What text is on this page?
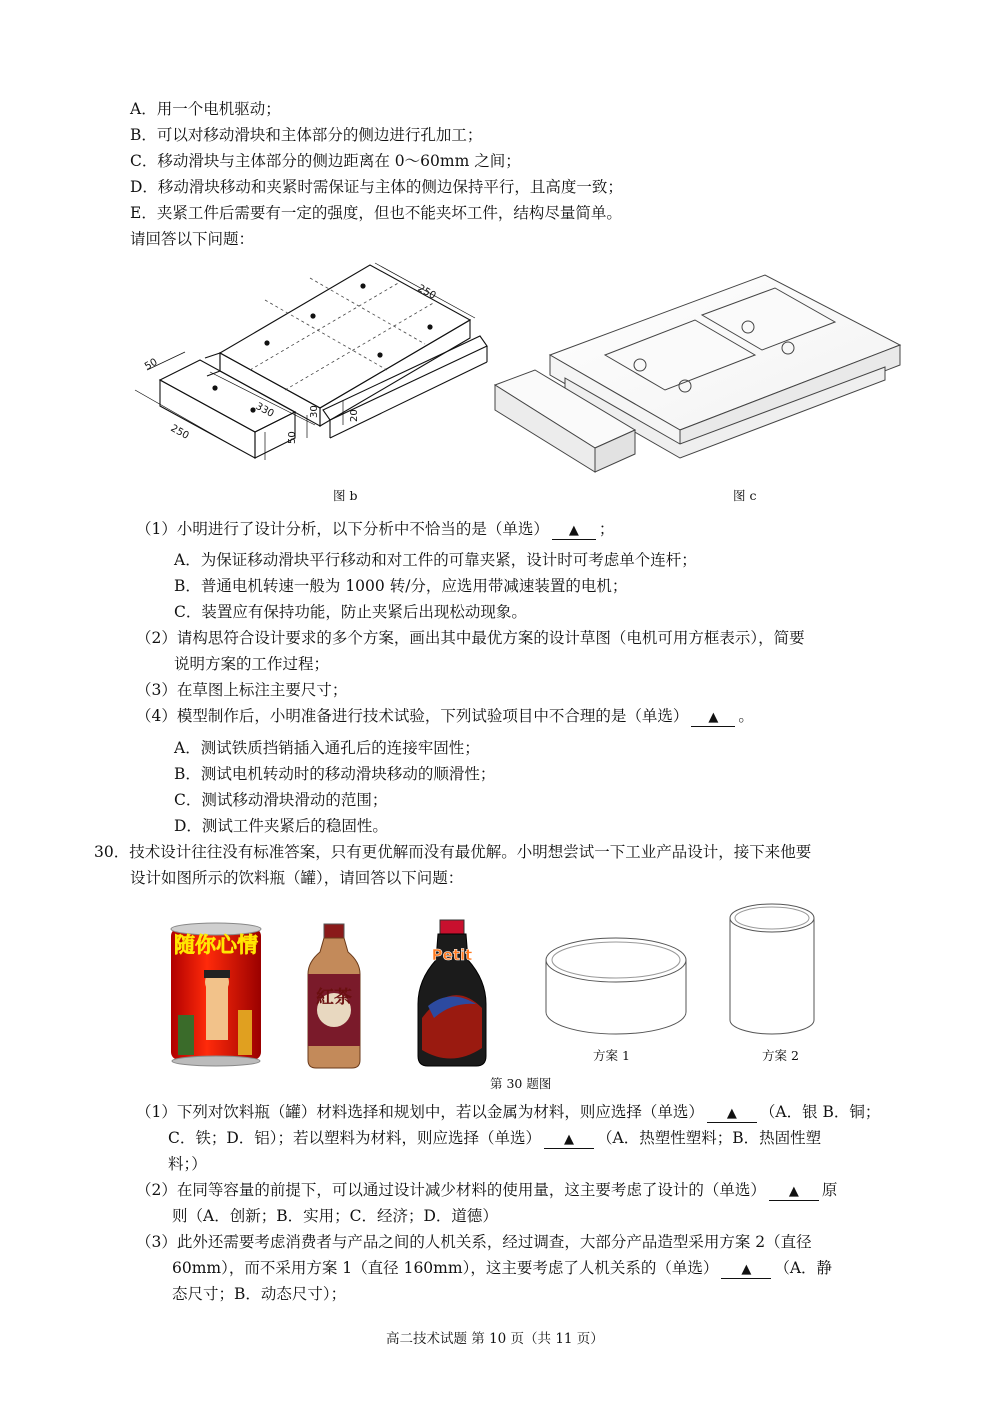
A．用一个电机驱动；
B．可以对移动滑块和主体部分的侧边进行孔加工；
C．移动滑块与主体部分的侧边距离在 0～60mm 之间；
D．移动滑块移动和夹紧时需保证与主体的侧边保持平行，且高度一致；
E．夹紧工件后需要有一定的强度，但也不能夹坏工件，结构尽量简单。
请回答以下问题：
250
50
330
250	50
30	20
图 b	图 c
（1）小明进行了设计分析，以下分析中不恰当的是（单选） ▲ ；
A．为保证移动滑块平行移动和对工件的可靠夹紧，设计时可考虑单个连杆；
B．普通电机转速一般为 1000 转/分，应选用带减速装置的电机；
C．装置应有保持功能，防止夹紧后出现松动现象。
（2）请构思符合设计要求的多个方案，画出其中最优方案的设计草图（电机可用方框表示），简要
说明方案的工作过程；
（3）在草图上标注主要尺寸；
（4）模型制作后，小明准备进行技术试验，下列试验项目中不合理的是（单选） ▲ 。
A．测试铁质挡销插入通孔后的连接牢固性；
B．测试电机转动时的移动滑块移动的顺滑性；
C．测试移动滑块滑动的范围；
D．测试工件夹紧后的稳固性。
30．技术设计往往没有标准答案，只有更优解而没有最优解。小明想尝试一下工业产品设计，接下来他要
设计如图所示的饮料瓶（罐），请回答以下问题：
随你心情
紅茶
Petit
方案 1	方案 2
第 30 题图
（1）下列对饮料瓶（罐）材料选择和规划中，若以金属为材料，则应选择（单选） ▲ （A．银 B．铜；
C．铁；D．铝）；若以塑料为材料，则应选择（单选） ▲ （A．热塑性塑料；B．热固性塑
料；）
（2）在同等容量的前提下，可以通过设计减少材料的使用量，这主要考虑了设计的（单选） ▲ 原
则（A．创新；B．实用；C．经济；D．道德）
（3）此外还需要考虑消费者与产品之间的人机关系，经过调查，大部分产品造型采用方案 2（直径
60mm），而不采用方案 1（直径 160mm），这主要考虑了人机关系的（单选） ▲ （A．静
态尺寸；B．动态尺寸）；
高二技术试题 第 10 页（共 11 页）
